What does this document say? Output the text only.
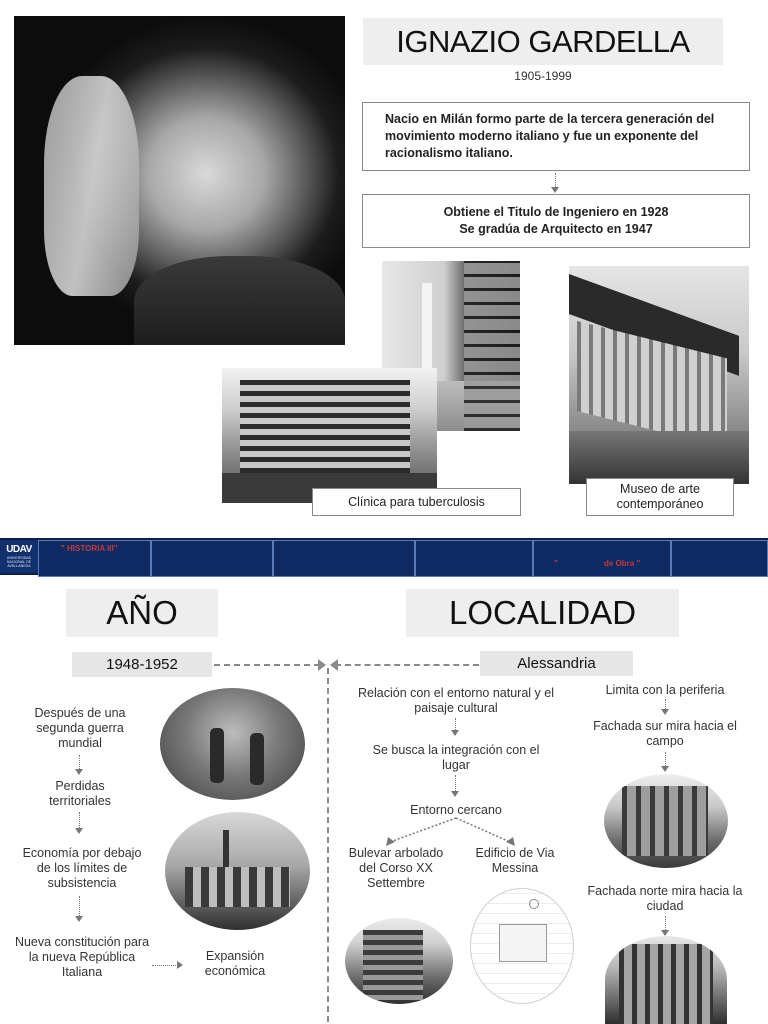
IGNAZIO GARDELLA
1905-1999
Nacio en Milán formo parte de la tercera generación del
movimiento moderno italiano y fue un exponente del
racionalismo italiano.
Obtiene el Titulo de Ingeniero en 1928
Se gradúa de Arquitecto en 1947
Clínica para tuberculosis
Museo de arte
contemporáneo
UDAV
UNIVERSIDAD NACIONAL DE AVELLANEDA
" HISTORIA III"
"	de Obra "
AÑO	LOCALIDAD
1948-1952	Alessandria
Después de una
segunda guerra
mundial
Perdidas
territoriales
Economía por debajo
de los límites de
subsistencia
Nueva constitución para
la nueva República
Italiana
Expansión
económica
Relación con el entorno natural y el
paisaje cultural
Se busca la integración con el
lugar
Entorno cercano
Bulevar arbolado
del Corso XX
Settembre
Edificio de Via
Messina
Limita con la periferia
Fachada sur mira hacia el
campo
Fachada norte mira hacia la
ciudad
